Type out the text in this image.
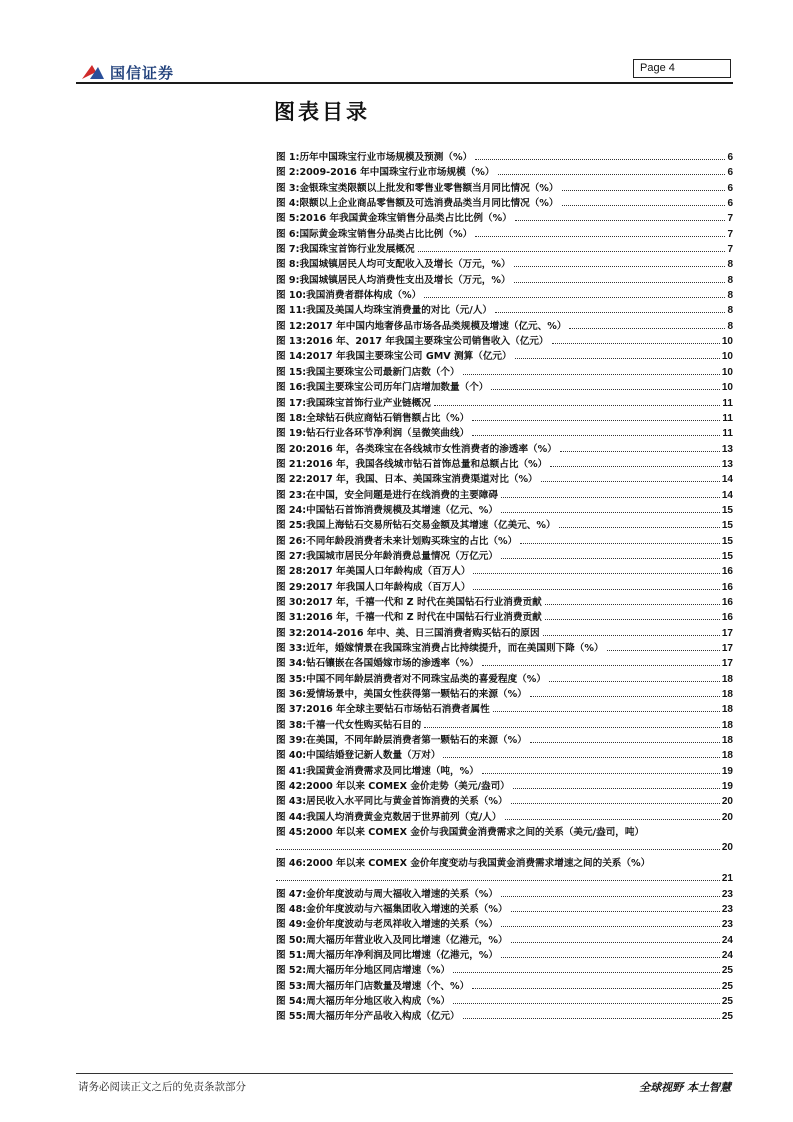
国信证券	Page 4
图表目录
图 1: 历年中国珠宝行业市场规模及预测（%）	6
图 2: 2009-2016 年中国珠宝行业市场规模（%）	6
图 3: 金银珠宝类限额以上批发和零售业零售额当月同比情况（%）	6
图 4: 限额以上企业商品零售额及可选消费品类当月同比情况（%）	6
图 5: 2016 年我国黄金珠宝销售分品类占比比例（%）	7
图 6: 国际黄金珠宝销售分品类占比比例（%）	7
图 7: 我国珠宝首饰行业发展概况	7
图 8: 我国城镇居民人均可支配收入及增长（万元，%）	8
图 9: 我国城镇居民人均消费性支出及增长（万元，%）	8
图 10: 我国消费者群体构成（%）	8
图 11: 我国及美国人均珠宝消费量的对比（元/人）	8
图 12: 2017 年中国内地奢侈品市场各品类规模及增速（亿元、%）	8
图 13: 2016 年、2017 年我国主要珠宝公司销售收入（亿元）	10
图 14: 2017 年我国主要珠宝公司 GMV 测算（亿元）	10
图 15: 我国主要珠宝公司最新门店数（个）	10
图 16: 我国主要珠宝公司历年门店增加数量（个）	10
图 17: 我国珠宝首饰行业产业链概况	11
图 18: 全球钻石供应商钻石销售额占比（%）	11
图 19: 钻石行业各环节净利润（呈微笑曲线）	11
图 20: 2016 年，各类珠宝在各线城市女性消费者的渗透率（%）	13
图 21: 2016 年，我国各线城市钻石首饰总量和总额占比（%）	13
图 22: 2017 年，我国、日本、美国珠宝消费渠道对比（%）	14
图 23: 在中国，安全问题是进行在线消费的主要障碍	14
图 24: 中国钻石首饰消费规模及其增速（亿元、%）	15
图 25: 我国上海钻石交易所钻石交易金额及其增速（亿美元、%）	15
图 26: 不同年龄段消费者未来计划购买珠宝的占比（%）	15
图 27: 我国城市居民分年龄消费总量情况（万亿元）	15
图 28: 2017 年美国人口年龄构成（百万人）	16
图 29: 2017 年我国人口年龄构成（百万人）	16
图 30: 2017 年，千禧一代和 Z 时代在美国钻石行业消费贡献	16
图 31: 2016 年，千禧一代和 Z 时代在中国钻石行业消费贡献	16
图 32: 2014-2016 年中、美、日三国消费者购买钻石的原因	17
图 33: 近年，婚嫁情景在我国珠宝消费占比持续提升，而在美国则下降（%）	17
图 34: 钻石镶嵌在各国婚嫁市场的渗透率（%）	17
图 35: 中国不同年龄层消费者对不同珠宝品类的喜爱程度（%）	18
图 36: 爱情场景中，美国女性获得第一颗钻石的来源（%）	18
图 37: 2016 年全球主要钻石市场钻石消费者属性	18
图 38: 千禧一代女性购买钻石目的	18
图 39: 在美国，不同年龄层消费者第一颗钻石的来源（%）	18
图 40: 中国结婚登记新人数量（万对）	18
图 41: 我国黄金消费需求及同比增速（吨，%）	19
图 42: 2000 年以来 COMEX 金价走势（美元/盎司）	19
图 43: 居民收入水平同比与黄金首饰消费的关系（%）	20
图 44: 我国人均消费黄金克数居于世界前列（克/人）	20
图 45: 2000 年以来 COMEX 金价与我国黄金消费需求之间的关系（美元/盎司，吨）
20
图 46: 2000 年以来 COMEX 金价年度变动与我国黄金消费需求增速之间的关系（%）
21
图 47: 金价年度波动与周大福收入增速的关系（%）	23
图 48: 金价年度波动与六福集团收入增速的关系（%）	23
图 49: 金价年度波动与老凤祥收入增速的关系（%）	23
图 50: 周大福历年营业收入及同比增速（亿港元，%）	24
图 51: 周大福历年净利润及同比增速（亿港元，%）	24
图 52: 周大福历年分地区同店增速（%）	25
图 53: 周大福历年门店数量及增速（个、%）	25
图 54: 周大福历年分地区收入构成（%）	25
图 55: 周大福历年分产品收入构成（亿元）	25
请务必阅读正文之后的免责条款部分	全球视野 本土智慧
